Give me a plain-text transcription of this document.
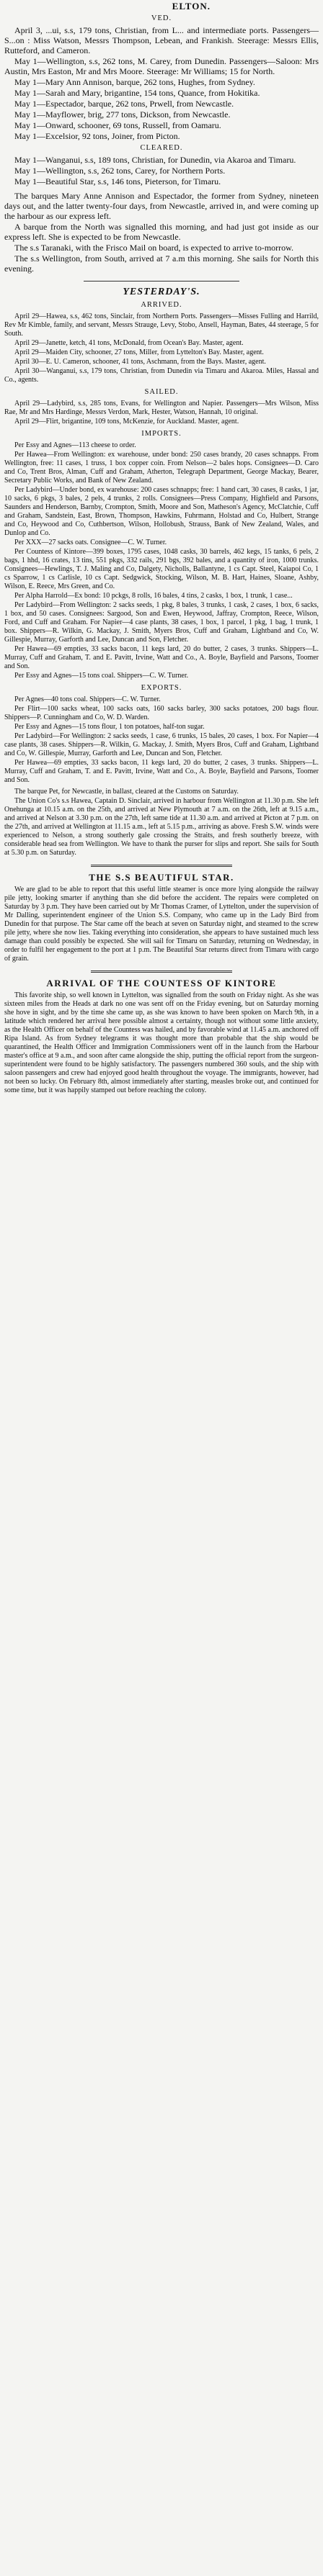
ELTON.
VED.

April 3, ...ui, s.s, 179 tons, Christian, from L... and intermediate ports. Passengers—S...on : Miss Watson, Messrs Thompson, Lebean, and Frankish. Steerage: Messrs Ellis, Rutteford, and Cameron.

May 1—Wellington, s.s, 262 tons, M. Carey, from Dunedin. Passengers—Saloon: Mrs Austin, Mrs Easton, Mr and Mrs Moore. Steerage: Mr Williams; 15 for North.

May 1—Mary Ann Annison, barque, 262 tons, Hughes, from Sydney.

May 1—Sarah and Mary, brigantine, 154 tons, Quance, from Hokitika.

May 1—Espectador, barque, 262 tons, Prwell, from Newcastle.

May 1—Mayflower, brig, 277 tons, Dickson, from Newcastle.

May 1—Onward, schooner, 69 tons, Russell, from Oamaru.

May 1—Excelsior, 92 tons, Joiner, from Picton.

CLEARED.

May 1—Wanganui, s.s, 189 tons, Christian, for Dunedin, via Akaroa and Timaru.

May 1—Wellington, s.s, 262 tons, Carey, for Northern Ports.

May 1—Beautiful Star, s.s, 146 tons, Pieterson, for Timaru.

The barques Mary Anne Annison and Espectador, the former from Sydney, nineteen days out, and the latter twenty-four days, from Newcastle, arrived in, and were coming up the harbour as our express left.

A barque from the North was signalled this morning, and had just got inside as our express left. She is expected to be from Newcastle.

The s.s Taranaki, with the Frisco Mail on board, is expected to arrive to-morrow.

The s.s Wellington, from South, arrived at 7 a.m this morning. She sails for North this evening.

YESTERDAY'S.
ARRIVED.

April 29—Hawea, s.s, 462 tons, Sinclair, from Northern Ports. Passengers—Misses Fulling and Harrild, Rev Mr Kimble, family, and servant, Messrs Strauge, Levy, Stobo, Ansell, Hayman, Bates, 44 steerage, 5 for South.

April 29—Janette, ketch, 41 tons, McDonald, from Ocean's Bay. Master, agent.

April 29—Maiden City, schooner, 27 tons, Miller, from Lyttelton's Bay. Master, agent.

April 30—E. U. Cameron, schooner, 41 tons, Aschmann, from the Bays. Master, agent.

April 30—Wanganui, s.s, 179 tons, Christian, from Dunedin via Timaru and Akaroa. Miles, Hassal and Co., agents.

SAILED.

April 29—Ladybird, s.s, 285 tons, Evans, for Wellington and Napier. Passengers—Mrs Wilson, Miss Rae, Mr and Mrs Hardinge, Messrs Verdon, Mark, Hester, Watson, Hannah, 10 original.

April 29—Flirt, brigantine, 109 tons, McKenzie, for Auckland. Master, agent.

IMPORTS.

Per Essy and Agnes—113 cheese to order.

Per Hawea—From Wellington: ex warehouse, under bond: 250 cases brandy, 20 cases schnapps. From Wellington, free: 11 cases, 1 truss, 1 box copper coin. From Nelson—2 bales hops. Consignees—D. Caro and Co, Trent Bros, Alman, Cuff and Graham, Atherton, Telegraph Department, George Mackay, Bearer, Secretary Public Works, and Bank of New Zealand.

Per Ladybird—Under bond, ex warehouse: 200 cases schnapps; free: 1 hand cart, 30 cases, 8 casks, 1 jar, 10 sacks, 6 pkgs, 3 bales, 2 pels, 4 trunks, 2 rolls. Consignees—Press Company, Highfield and Parsons, Saunders and Henderson, Barnby, Crompton, Smith, Moore and Son, Matheson's Agency, McClatchie, Cuff and Graham, Sandstein, East, Brown, Thompson, Hawkins, Fuhrmann, Holstad and Co, Hulbert, Strange and Co, Heywood and Co, Cuthbertson, Wilson, Hollobush, Strauss, Bank of New Zealand, Wales, and Dunlop and Co.

Per XXX—27 sacks oats. Consignee—C. W. Turner.

Per Countess of Kintore—399 boxes, 1795 cases, 1048 casks, 30 barrels, 462 kegs, 15 tanks, 6 pels, 2 bags, 1 hhd, 16 crates, 13 tins, 551 pkgs, 332 rails, 291 bgs, 392 bales, and a quantity of iron, 1000 trunks. Consignees—Hewlings, T. J. Maling and Co, Dalgety, Nicholls, Ballantyne, 1 cs Capt. Steel, Kaiapoi Co, 1 cs Sparrow, 1 cs Carlisle, 10 cs Capt. Sedgwick, Stocking, Wilson, M. B. Hart, Haines, Sloane, Ashby, Wilson, E. Reece, Mrs Green, and Co.

Per Alpha Harrold—Ex bond: 10 pckgs, 8 rolls, 16 bales, 4 tins, 2 casks, 1 box, 1 trunk, 1 case...

Per Ladybird—From Wellington: 2 sacks seeds, 1 pkg, 8 bales, 3 trunks, 1 cask, 2 cases, 1 box, 6 sacks, 1 box, and 50 cases. Consignees: Sargood, Son and Ewen, Heywood, Jaffray, Crompton, Reece, Wilson, Ford, and Cuff and Graham. For Napier—4 case plants, 38 cases, 1 box, 1 parcel, 1 pkg, 1 bag, 1 trunk, 1 box. Shippers—R. Wilkin, G. Mackay, J. Smith, Myers Bros, Cuff and Graham, Lightband and Co, W. Gillespie, Murray, Garforth and Lee, Duncan and Son, Fletcher.

Per Hawea—69 empties, 33 sacks bacon, 11 kegs lard, 20 do butter, 2 cases, 3 trunks. Shippers—L. Murray, Cuff and Graham, T. and E. Pavitt, Irvine, Watt and Co., A. Boyle, Bayfield and Parsons, Toomer and Son.

Per Essy and Agnes—15 tons coal. Shippers—C. W. Turner.

EXPORTS.

Per Agnes—40 tons coal. Shippers—C. W. Turner.

Per Flirt—100 sacks wheat, 100 sacks oats, 160 sacks barley, 300 sacks potatoes, 200 bags flour. Shippers—P. Cunningham and Co, W. D. Warden.

Per Essy and Agnes—15 tons flour, 1 ton potatoes, half-ton sugar.

Per Ladybird—For Wellington: 2 sacks seeds, 1 case, 6 trunks, 15 bales, 20 cases, 1 box. For Napier—4 case plants, 38 cases. Shippers—R. Wilkin, G. Mackay, J. Smith, Myers Bros, Cuff and Graham, Lightband and Co, W. Gillespie, Murray, Garforth and Lee, Duncan and Son, Fletcher.

Per Hawea—69 empties, 33 sacks bacon, 11 kegs lard, 20 do butter, 2 cases, 3 trunks. Shippers—L. Murray, Cuff and Graham, T. and E. Pavitt, Irvine, Watt and Co., A. Boyle, Bayfield and Parsons, Toomer and Son.

The barque Pet, for Newcastle, in ballast, cleared at the Customs on Saturday.

The Union Co's s.s Hawea, Captain D. Sinclair, arrived in harbour from Wellington at 11.30 p.m. She left Onehunga at 10.15 a.m. on the 25th, and arrived at New Plymouth at 7 a.m. on the 26th, left at 9.15 a.m., and arrived at Nelson at 3.30 p.m. on the 27th, left same tide at 11.30 a.m. and arrived at Picton at 7 p.m. on the 27th, and arrived at Wellington at 11.15 a.m., left at 5.15 p.m., arriving as above. Fresh S.W. winds were experienced to Nelson, a strong southerly gale crossing the Straits, and fresh southerly breeze, with considerable head sea from Wellington. We have to thank the purser for slips and report. She sails for South at 5.30 p.m. on Saturday.

THE S.S BEAUTIFUL STAR.

We are glad to be able to report that this useful little steamer is once more lying alongside the railway pile jetty, looking smarter if anything than she did before the accident. The repairs were completed on Saturday by 3 p.m. They have been carried out by Mr Thomas Cramer, of Lyttelton, under the supervision of Mr Dalling, superintendent engineer of the Union S.S. Company, who came up in the Lady Bird from Dunedin for that purpose. The Star came off the beach at seven on Saturday night, and steamed to the screw pile jetty, where she now lies. Taking everything into consideration, she appears to have sustained much less damage than could possibly be expected. She will sail for Timaru on Saturday, returning on Wednesday, in order to fulfil her engagement to the port at 1 p.m. The Beautiful Star returns direct from Timaru with cargo of grain.

ARRIVAL OF THE COUNTESS OF KINTORE

This favorite ship, so well known in Lyttelton, was signalled from the south on Friday night. As she was sixteen miles from the Heads at dark no one was sent off on the Friday evening, but on Saturday morning she hove in sight, and by the time she came up, as she was known to have been spoken on March 9th, in a latitude which rendered her arrival here possible almost a certainty, though not without some little anxiety, as the Health Officer on behalf of the Countess was hailed, and by favorable wind at 11.45 a.m. anchored off Ripa Island. As from Sydney telegrams it was thought more than probable that the ship would be quarantined, the Health Officer and Immigration Commissioners went off in the launch from the Harbour master's office at 9 a.m., and soon after came alongside the ship, putting the official report from the surgeon-superintendent were found to be highly satisfactory. The passengers numbered 360 souls, and the ship with saloon passengers and crew had enjoyed good health throughout the voyage. The immigrants, however, had not been so lucky. On February 8th, almost immediately after starting, measles broke out, and continued for some time, but it was happily stamped out before reaching the colony.
